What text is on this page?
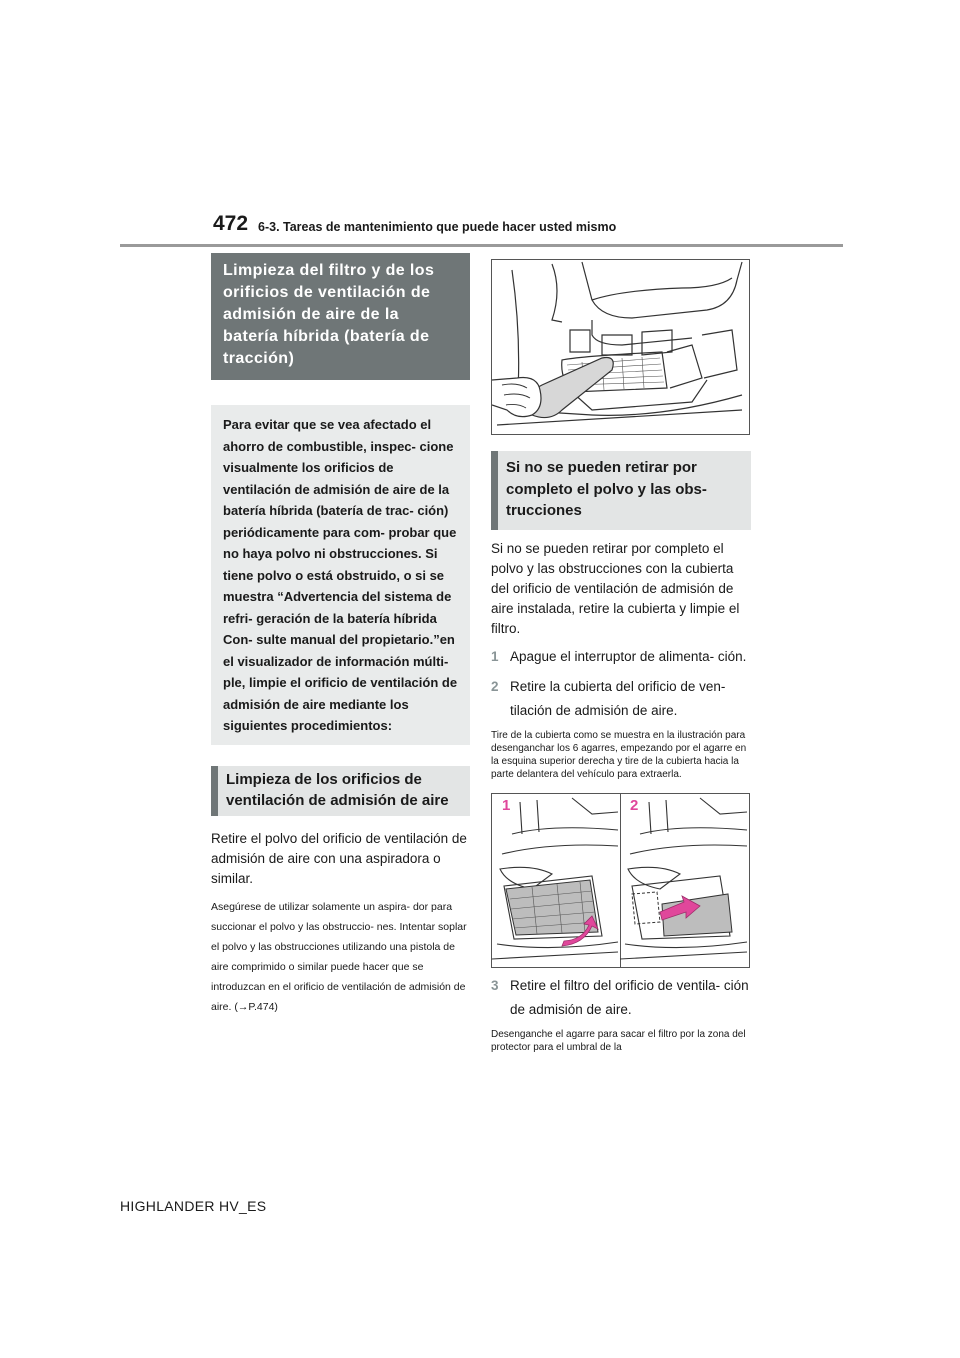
472 6-3. Tareas de mantenimiento que puede hacer usted mismo
Limpieza del filtro y de los orificios de ventilación de admisión de aire de la batería híbrida (batería de tracción)
Para evitar que se vea afectado el ahorro de combustible, inspec- cione visualmente los orificios de ventilación de admisión de aire de la batería híbrida (batería de trac- ción) periódicamente para com- probar que no haya polvo ni obstrucciones. Si tiene polvo o está obstruido, o si se muestra “Advertencia del sistema de refri- geración de la batería híbrida Con- sulte manual del propietario.”en el visualizador de información múlti- ple, limpie el orificio de ventilación de admisión de aire mediante los siguientes procedimientos:
Limpieza de los orificios de ventilación de admisión de aire
Retire el polvo del orificio de ventilación de admisión de aire con una aspiradora o similar.
Asegúrese de utilizar solamente un aspira- dor para succionar el polvo y las obstruccio- nes. Intentar soplar el polvo y las obstrucciones utilizando una pistola de aire comprimido o similar puede hacer que se introduzcan en el orificio de ventilación de admisión de aire. (→P.474)
Si no se pueden retirar por completo el polvo y las obs- trucciones
Si no se pueden retirar por completo el polvo y las obstrucciones con la cubierta del orificio de ventilación de admisión de aire instalada, retire la cubierta y limpie el filtro.
1 Apague el interruptor de alimenta- ción.
2 Retire la cubierta del orificio de ven- tilación de admisión de aire.
Tire de la cubierta como se muestra en la ilustración para desenganchar los 6 agarres, empezando por el agarre en la esquina superior derecha y tire de la cubierta hacia la parte delantera del vehículo para extraerla.
1	2
3 Retire el filtro del orificio de ventila- ción de admisión de aire.
Desenganche el agarre para sacar el filtro por la zona del protector para el umbral de la
HIGHLANDER HV_ES
